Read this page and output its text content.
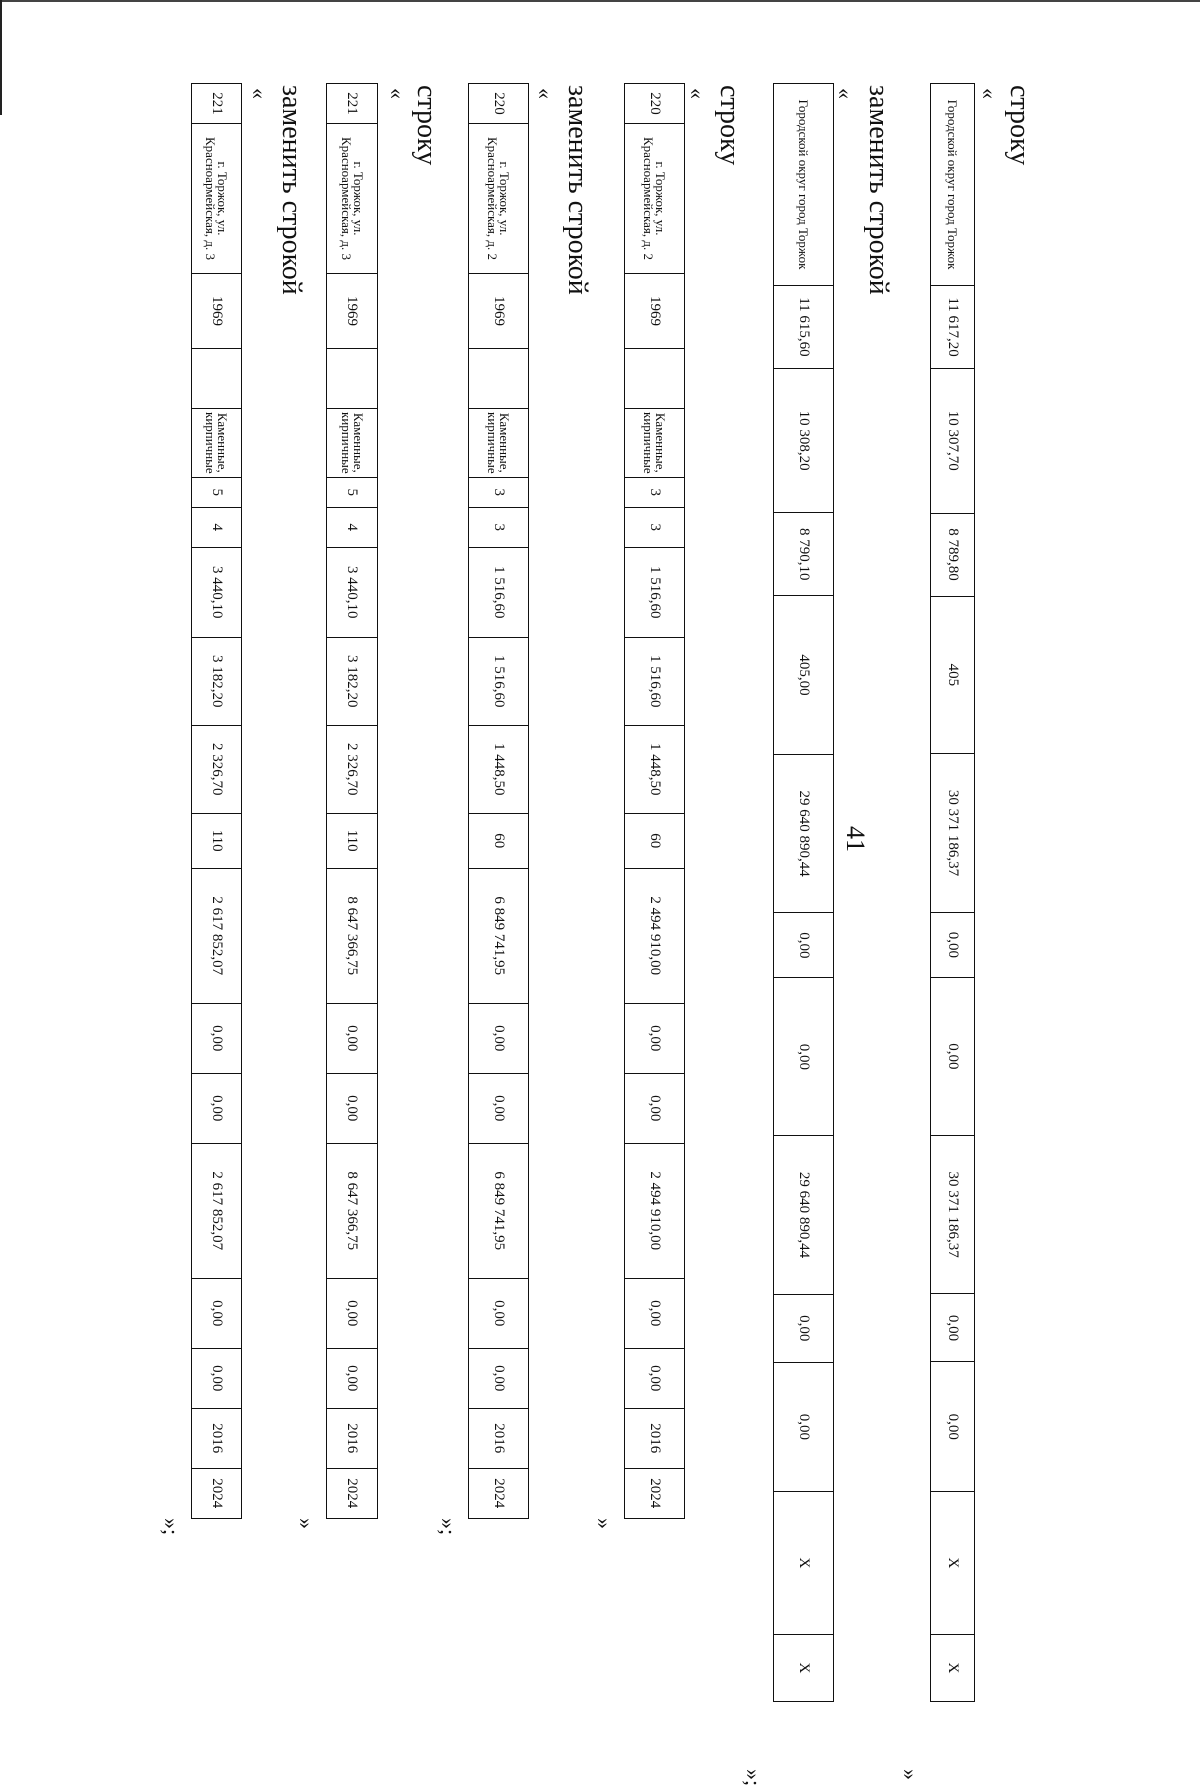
41
строку
«
Городской округ город Торжок	11 617,20	10 307,70	8 789,80	405	30 371 186,37	0,00	0,00	30 371 186,37	0,00	0,00	X	X
»
заменить строкой
«
Городской округ город Торжок	11 615,60	10 308,20	8 790,10	405,00	29 640 890,44	0,00	0,00	29 640 890,44	0,00	0,00	X	X
»;
строку
«
220	г. Торжок, ул. Красноармейская, д. 2	1969		Каменные, кирпичные	3	3	1 516,60	1 516,60	1 448,50	60	2 494 910,00	0,00	0,00	2 494 910,00	0,00	0,00	2016	2024
»
заменить строкой
«
220	г. Торжок, ул. Красноармейская, д. 2	1969		Каменные, кирпичные	3	3	1 516,60	1 516,60	1 448,50	60	6 849 741,95	0,00	0,00	6 849 741,95	0,00	0,00	2016	2024
»;
строку
«
221	г. Торжок, ул. Красноармейская, д. 3	1969		Каменные, кирпичные	5	4	3 440,10	3 182,20	2 326,70	110	8 647 366,75	0,00	0,00	8 647 366,75	0,00	0,00	2016	2024
»
заменить строкой
«
221	г. Торжок, ул. Красноармейская, д. 3	1969		Каменные, кирпичные	5	4	3 440,10	3 182,20	2 326,70	110	2 617 852,07	0,00	0,00	2 617 852,07	0,00	0,00	2016	2024
»;
